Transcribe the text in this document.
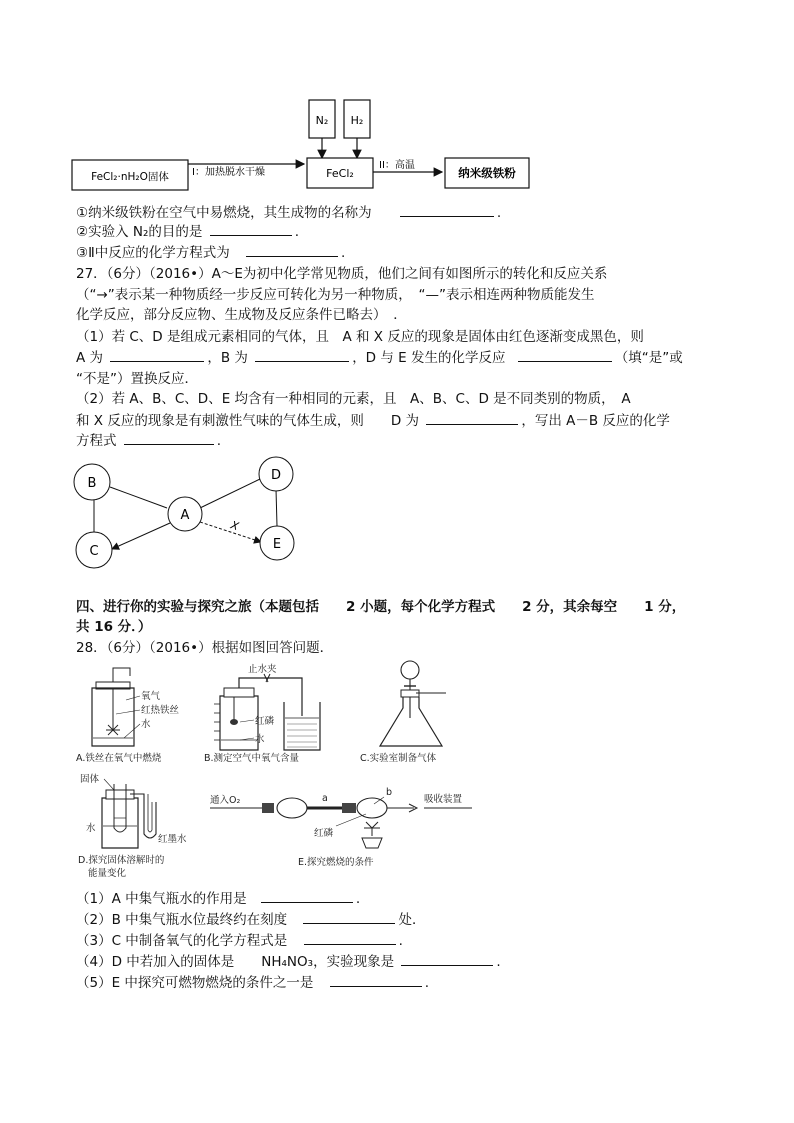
N₂ H₂
FeCl₂·nH₂O固体 I：加热脱水干燥	FeCl₂
II：高温
纳米级铁粉
①纳米级铁粉在空气中易燃烧，其生成物的名称为	.
②实验入 N₂的目的是	.
③Ⅱ中反应的化学方程式为	.
27．（6分）（2016•）A～E为初中化学常见物质，他们之间有如图所示的转化和反应关系
（“→”表示某一种物质经一步反应可转化为另一种物质，　“—”表示相连两种物质能发生
化学反应，部分反应物、生成物及反应条件已略去）　．
（1）若 C、D 是组成元素相同的气体，且　A 和 X 反应的现象是固体由红色逐渐变成黑色，则
A 为	，B 为	，D 与 E 发生的化学反应	（填“是”或
“不是”）置换反应．
（2）若 A、B、C、D、E 均含有一种相同的元素，且　A、B、C、D 是不同类别的物质，　A
和 X 反应的现象是有刺激性气味的气体生成，则　　D 为	，写出 A－B 反应的化学
方程式	.
X
B
A
C
D
E
四、进行你的实验与探究之旅（本题包括　　2 小题，每个化学方程式　　2 分，其余每空　　1 分，
共 16 分．）
28．（6分）（2016•）根据如图回答问题．
氧气
红热铁丝
水
A.铁丝在氧气中燃烧
止水夹
红磷
水
B.测定空气中氧气含量	C.实验室制备气体
固体
水
红墨水
D.探究固体溶解时的
能量变化
通入O₂	a
b
吸收装置
红磷
E.探究燃烧的条件
（1）A 中集气瓶水的作用是	.
（2）B 中集气瓶水位最终约在刻度	处．
（3）C 中制备氧气的化学方程式是	.
（4）D 中若加入的固体是　　NH₄NO₃，实验现象是	.
（5）E 中探究可燃物燃烧的条件之一是	.
